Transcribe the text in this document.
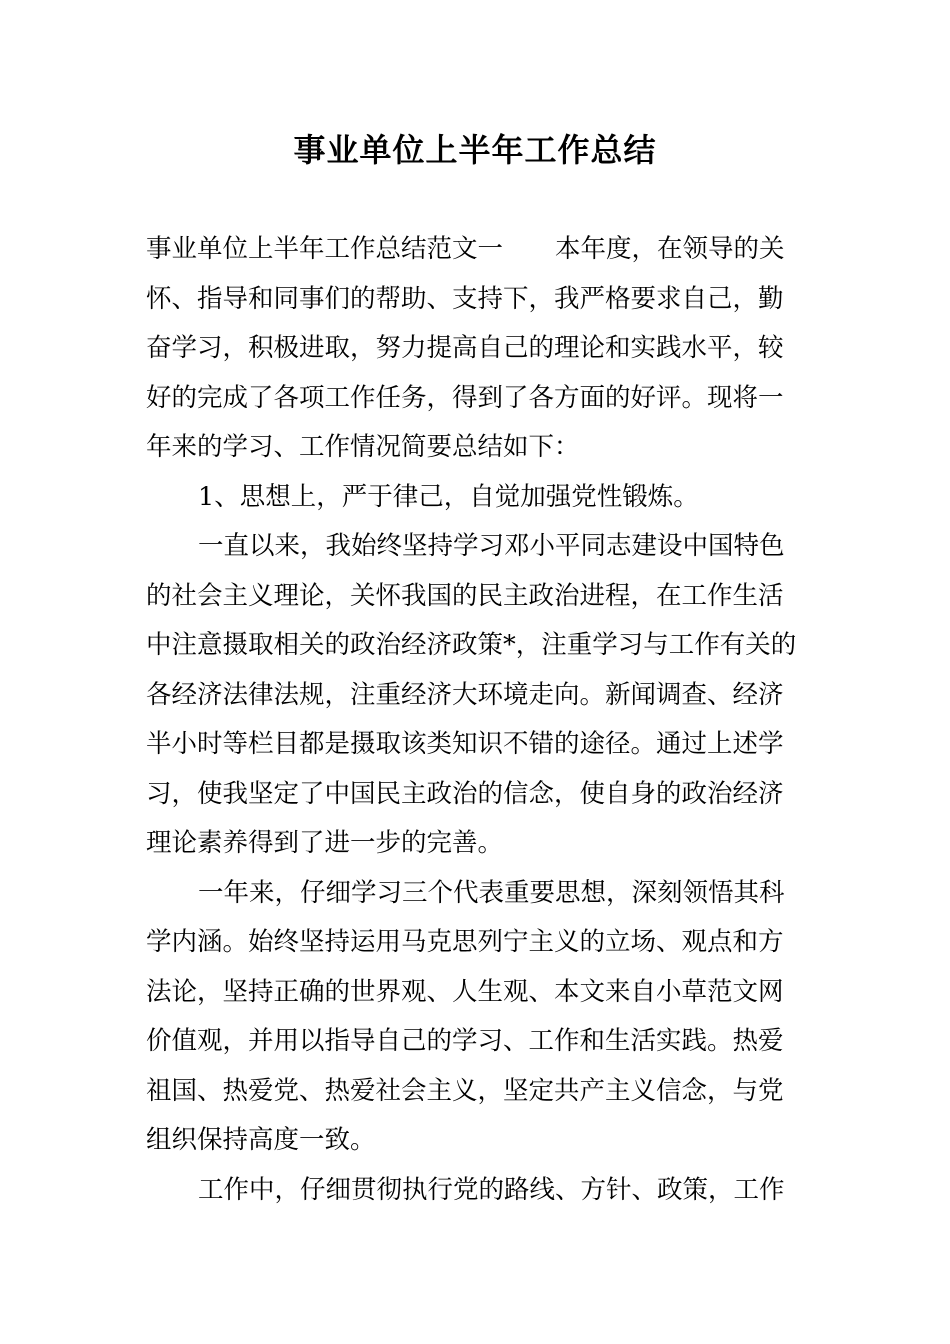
事业单位上半年工作总结

事业单位上半年工作总结范文一 本年度，在领导的关
怀、指导和同事们的帮助、支持下，我严格要求自己，勤
奋学习，积极进取，努力提高自己的理论和实践水平，较
好的完成了各项工作任务，得到了各方面的好评。现将一
年来的学习、工作情况简要总结如下：

1、思想上，严于律己，自觉加强党性锻炼。

一直以来，我始终坚持学习邓小平同志建设中国特色
的社会主义理论，关怀我国的民主政治进程，在工作生活
中注意摄取相关的政治经济政策*，注重学习与工作有关的
各经济法律法规，注重经济大环境走向。新闻调查、经济
半小时等栏目都是摄取该类知识不错的途径。通过上述学
习，使我坚定了中国民主政治的信念，使自身的政治经济
理论素养得到了进一步的完善。

一年来，仔细学习三个代表重要思想，深刻领悟其科
学内涵。始终坚持运用马克思列宁主义的立场、观点和方
法论，坚持正确的世界观、人生观、本文来自小草范文网
价值观，并用以指导自己的学习、工作和生活实践。热爱
祖国、热爱党、热爱社会主义，坚定共产主义信念，与党
组织保持高度一致。

工作中，仔细贯彻执行党的路线、方针、政策，工作
